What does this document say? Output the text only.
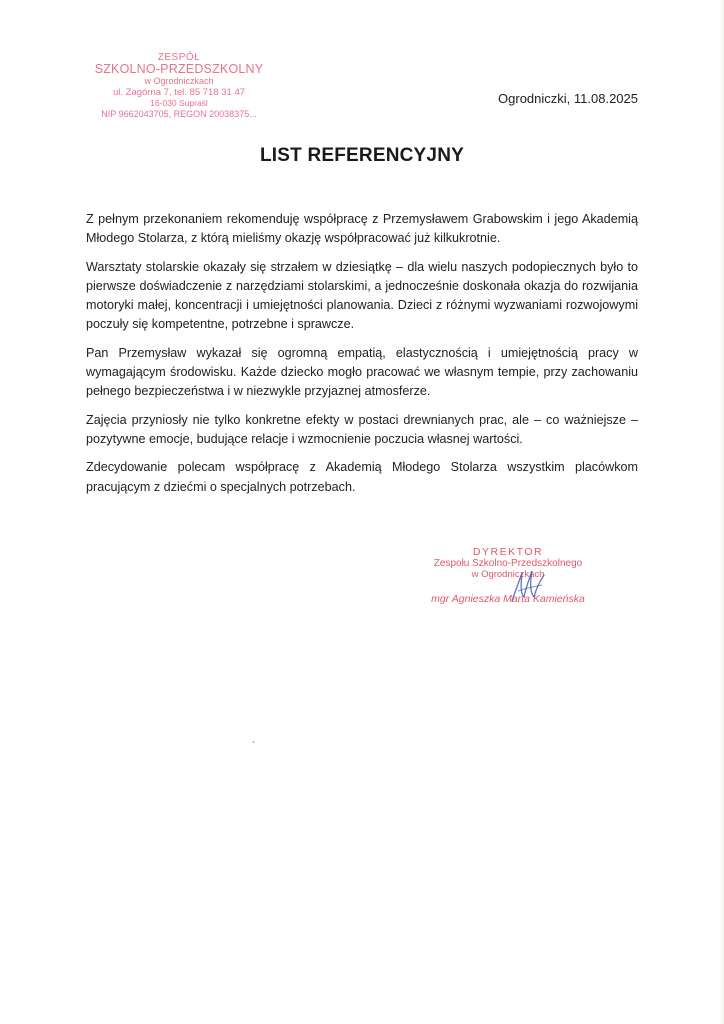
ZESPÓŁ
SZKOLNO-PRZEDSZKOLNY
w Ogrodniczkach
ul. Zagórna 7, tel. 85 718 31 47
16-030 Supraśl
NIP 9662043705, REGON 20038375...
Ogrodniczki, 11.08.2025
LIST REFERENCYJNY

Z pełnym przekonaniem rekomenduję współpracę z Przemysławem Grabowskim i jego Akademią Młodego Stolarza, z którą mieliśmy okazję współpracować już kilkukrotnie.

Warsztaty stolarskie okazały się strzałem w dziesiątkę – dla wielu naszych podopiecznych było to pierwsze doświadczenie z narzędziami stolarskimi, a jednocześnie doskonała okazja do rozwijania motoryki małej, koncentracji i umiejętności planowania. Dzieci z różnymi wyzwaniami rozwojowymi poczuły się kompetentne, potrzebne i sprawcze.

Pan Przemysław wykazał się ogromną empatią, elastycznością i umiejętnością pracy w wymagającym środowisku. Każde dziecko mogło pracować we własnym tempie, przy zachowaniu pełnego bezpieczeństwa i w niezwykle przyjaznej atmosferze.

Zajęcia przyniosły nie tylko konkretne efekty w postaci drewnianych prac, ale – co ważniejsze – pozytywne emocje, budujące relacje i wzmocnienie poczucia własnej wartości.

Zdecydowanie polecam współpracę z Akademią Młodego Stolarza wszystkim placówkom pracującym z dziećmi o specjalnych potrzebach.

DYREKTOR
Zespołu Szkolno-Przedszkolnego
w Ogrodniczkach
mgr Agnieszka Marta Kamieńska
